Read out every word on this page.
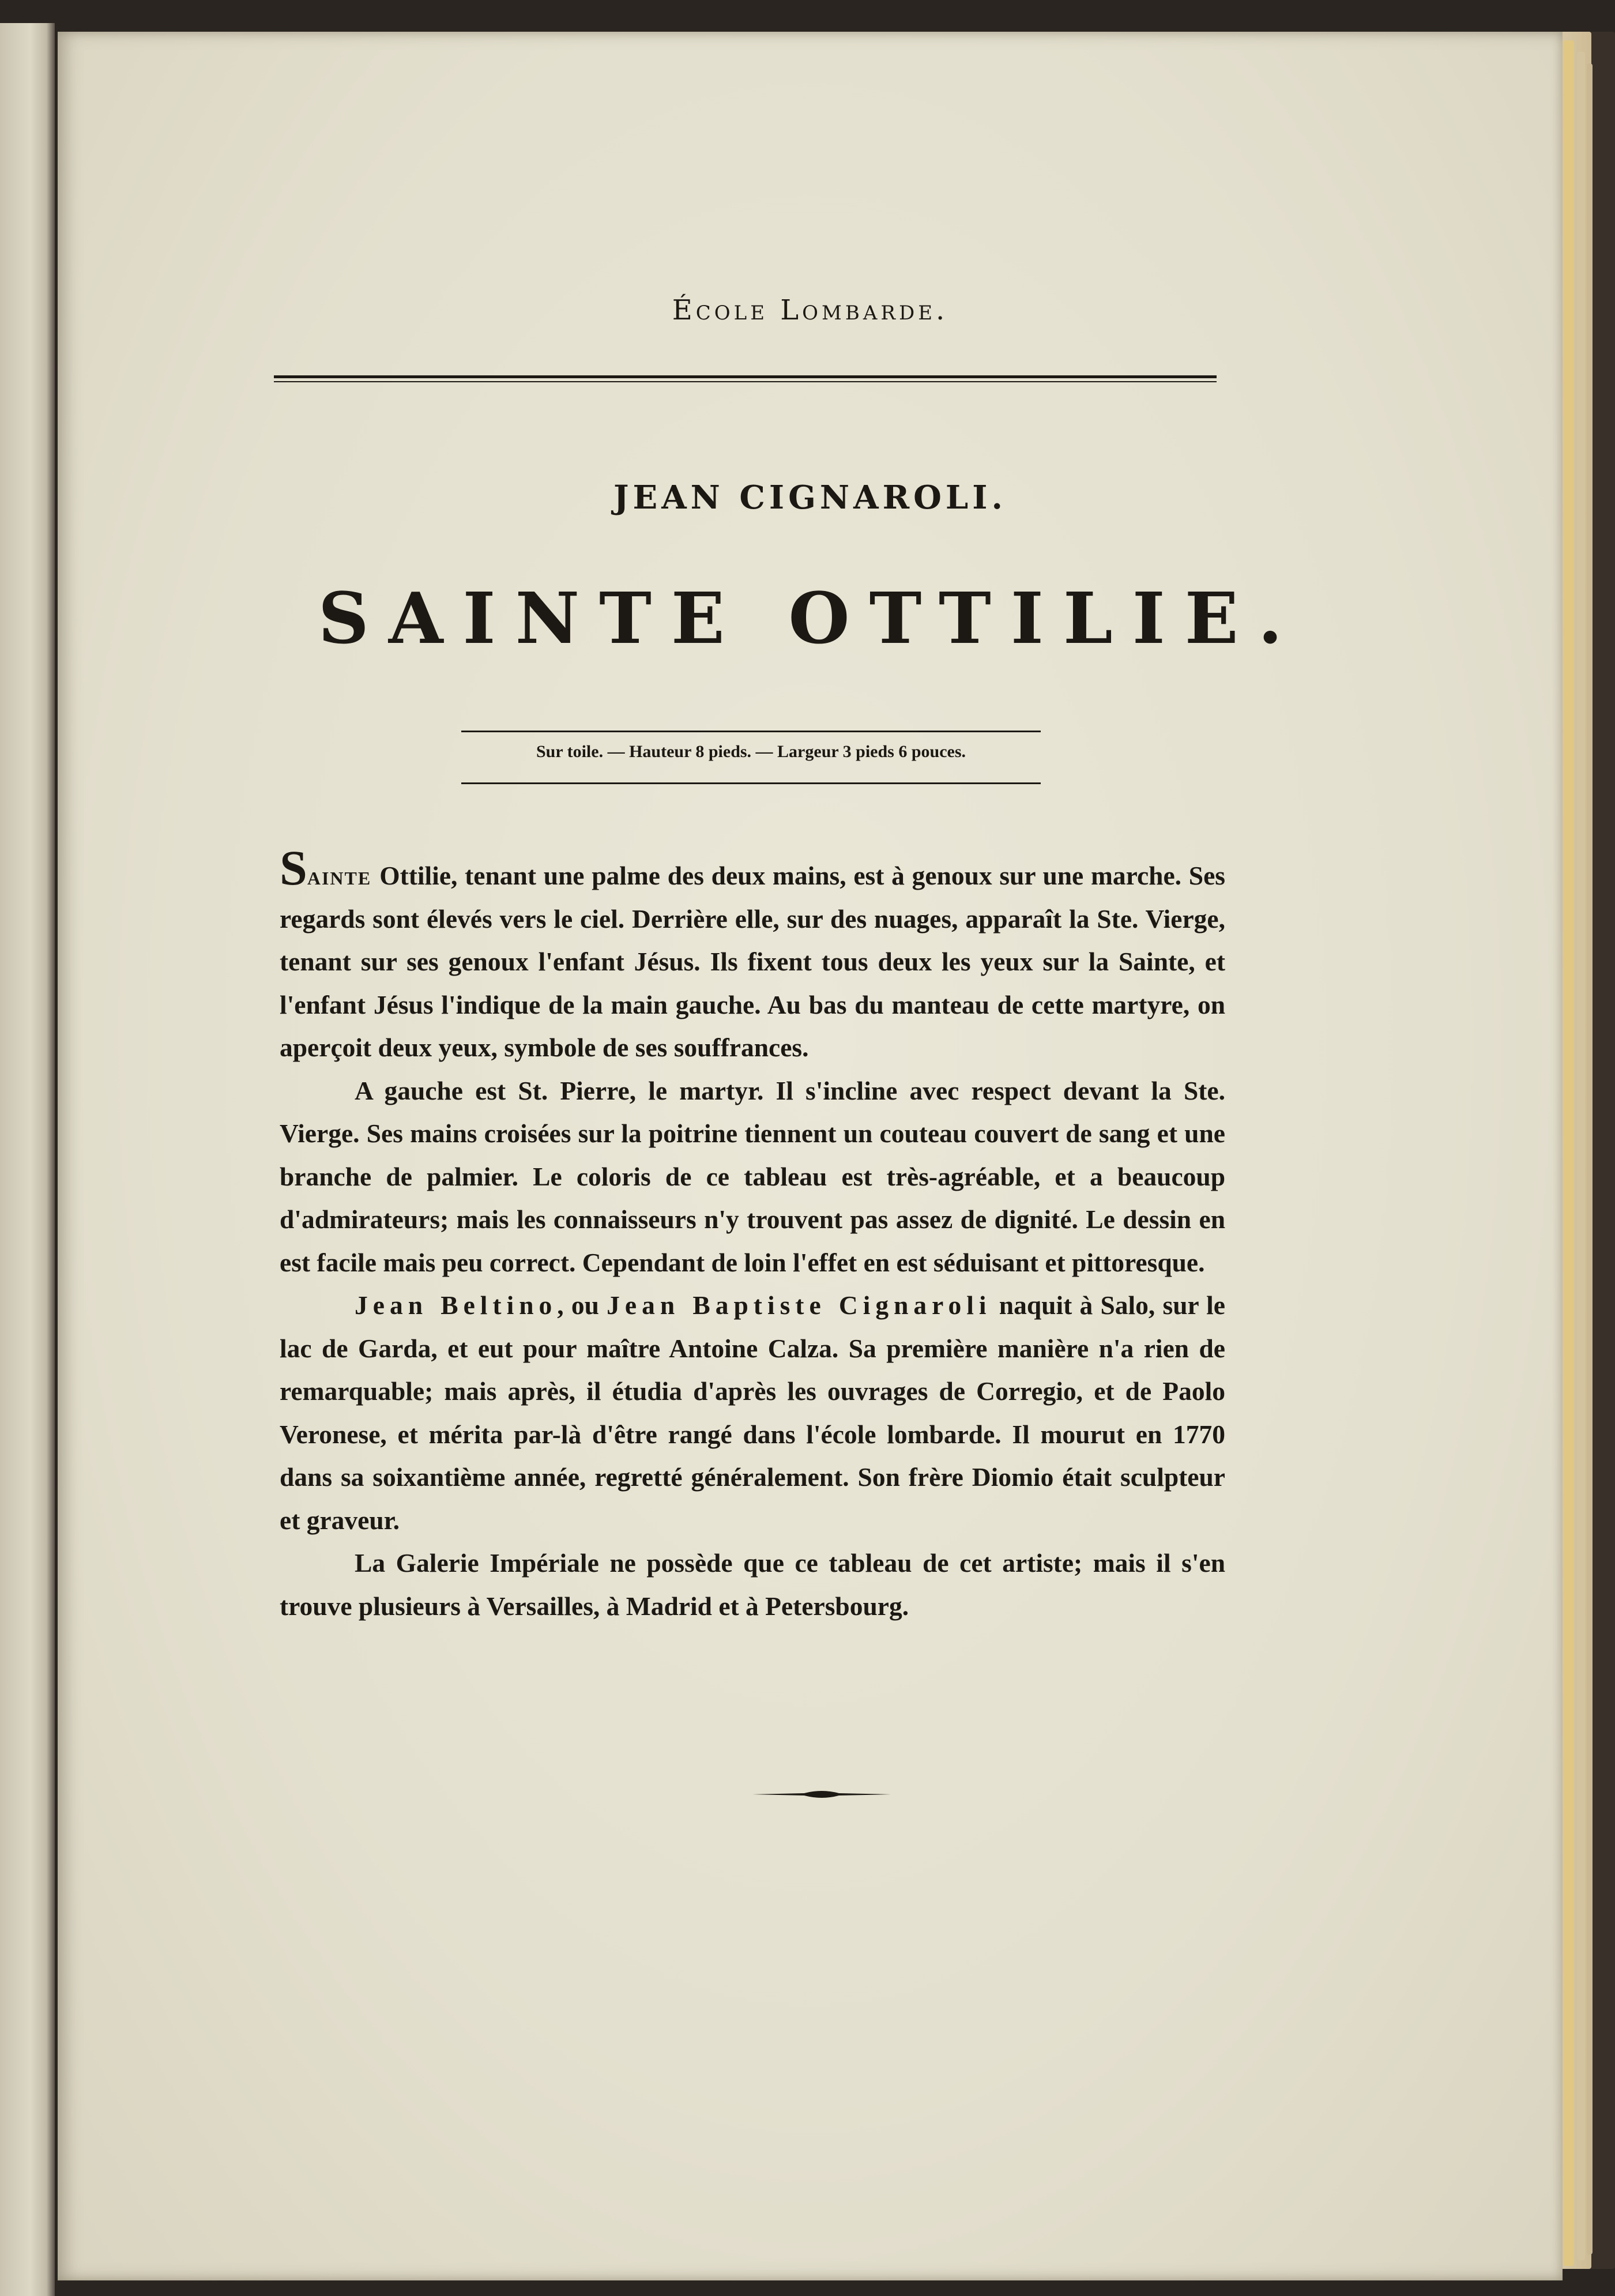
École Lombarde.
JEAN CIGNAROLI.
SAINTE OTTILIE.
Sur toile. — Hauteur 8 pieds. — Largeur 3 pieds 6 pouces.

Sainte Ottilie, tenant une palme des deux mains, est à genoux sur une marche. Ses regards sont élevés vers le ciel. Derrière elle, sur des nuages, apparaît la Ste. Vierge, tenant sur ses genoux l'enfant Jésus. Ils fixent tous deux les yeux sur la Sainte, et l'enfant Jésus l'indique de la main gauche. Au bas du manteau de cette martyre, on aperçoit deux yeux, symbole de ses souffrances.

A gauche est St. Pierre, le martyr. Il s'incline avec respect devant la Ste. Vierge. Ses mains croisées sur la poitrine tiennent un couteau couvert de sang et une branche de palmier. Le coloris de ce tableau est très-agréable, et a beaucoup d'admirateurs; mais les connaisseurs n'y trouvent pas assez de dignité. Le dessin en est facile mais peu correct. Cependant de loin l'effet en est séduisant et pittoresque.

Jean Beltino, ou Jean Baptiste Cignaroli naquit à Salo, sur le lac de Garda, et eut pour maître Antoine Calza. Sa première manière n'a rien de remarquable; mais après, il étudia d'après les ouvrages de Corregio, et de Paolo Veronese, et mérita par-là d'être rangé dans l'école lombarde. Il mourut en 1770 dans sa soixantième année, regretté généralement. Son frère Diomio était sculpteur et graveur.

La Galerie Impériale ne possède que ce tableau de cet artiste; mais il s'en trouve plusieurs à Versailles, à Madrid et à Petersbourg.
